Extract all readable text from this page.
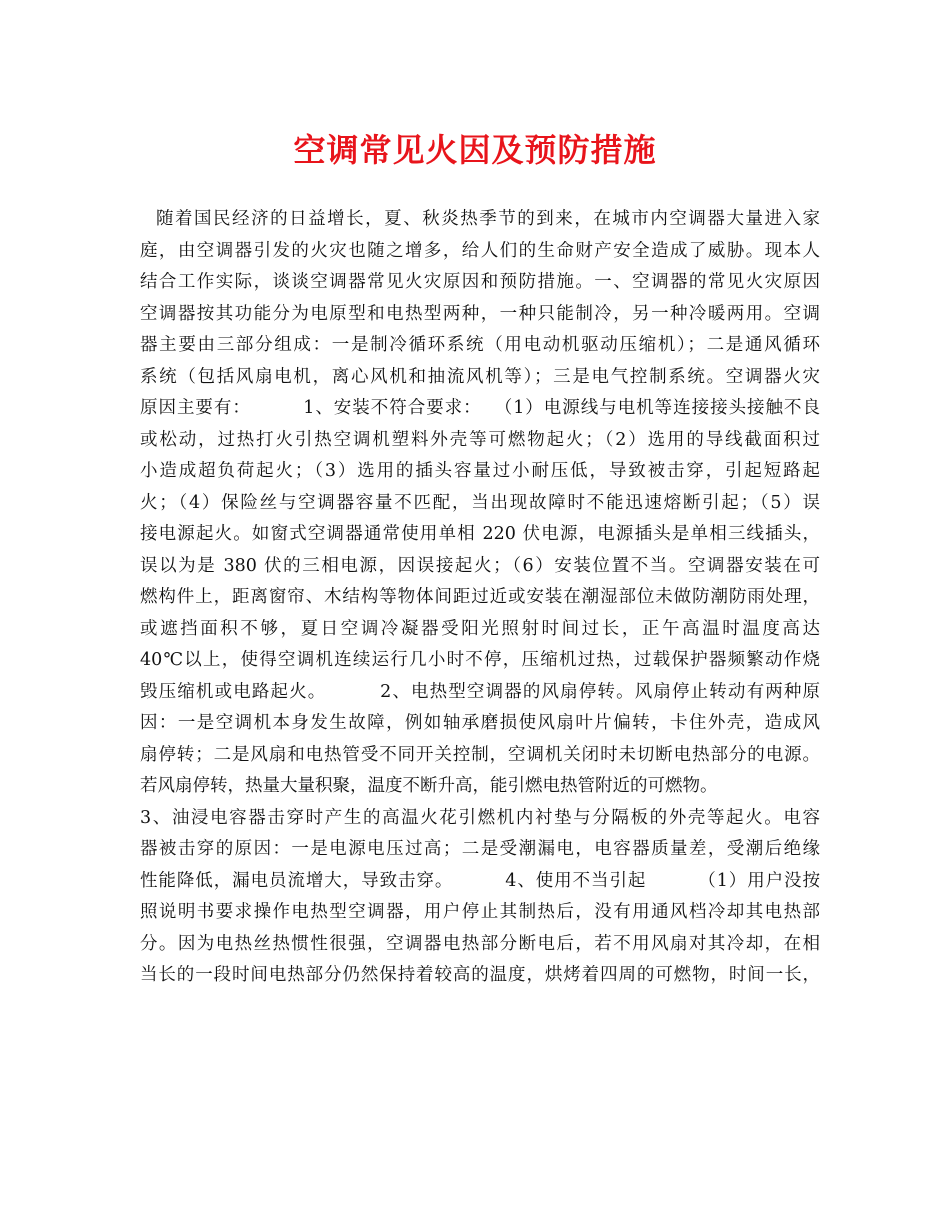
空调常见火因及预防措施
随着国民经济的日益增长，夏、秋炎热季节的到来，在城市内空调器大量进入家
庭，由空调器引发的火灾也随之增多，给人们的生命财产安全造成了威胁。现本人
结合工作实际，谈谈空调器常见火灾原因和预防措施。一、空调器的常见火灾原因
空调器按其功能分为电原型和电热型两种，一种只能制冷，另一种冷暖两用。空调
器主要由三部分组成：一是制冷循环系统（用电动机驱动压缩机）；二是通风循环
系统（包括风扇电机，离心风机和抽流风机等）；三是电气控制系统。空调器火灾
原因主要有：        1、安装不符合要求：  （1）电源线与电机等连接接头接触不良
或松动，过热打火引热空调机塑料外壳等可燃物起火；（2）选用的导线截面积过
小造成超负荷起火；（3）选用的插头容量过小耐压低，导致被击穿，引起短路起
火；（4）保险丝与空调器容量不匹配，当出现故障时不能迅速熔断引起；（5）误
接电源起火。如窗式空调器通常使用单相 220 伏电源，电源插头是单相三线插头，
误以为是 380 伏的三相电源，因误接起火；（6）安装位置不当。空调器安装在可
燃构件上，距离窗帘、木结构等物体间距过近或安装在潮湿部位未做防潮防雨处理，
或遮挡面积不够，夏日空调冷凝器受阳光照射时间过长，正午高温时温度高达
40℃以上，使得空调机连续运行几小时不停，压缩机过热，过载保护器频繁动作烧
毁压缩机或电路起火。        2、电热型空调器的风扇停转。风扇停止转动有两种原
因：一是空调机本身发生故障，例如轴承磨损使风扇叶片偏转，卡住外壳，造成风
扇停转；二是风扇和电热管受不同开关控制，空调机关闭时未切断电热部分的电源。
若风扇停转，热量大量积聚，温度不断升高，能引燃电热管附近的可燃物。
3、油浸电容器击穿时产生的高温火花引燃机内衬垫与分隔板的外壳等起火。电容
器被击穿的原因：一是电源电压过高；二是受潮漏电，电容器质量差，受潮后绝缘
性能降低，漏电员流增大，导致击穿。        4、使用不当引起        （1）用户没按
照说明书要求操作电热型空调器，用户停止其制热后，没有用通风档冷却其电热部
分。因为电热丝热惯性很强，空调器电热部分断电后，若不用风扇对其冷却，在相
当长的一段时间电热部分仍然保持着较高的温度，烘烤着四周的可燃物，时间一长，
